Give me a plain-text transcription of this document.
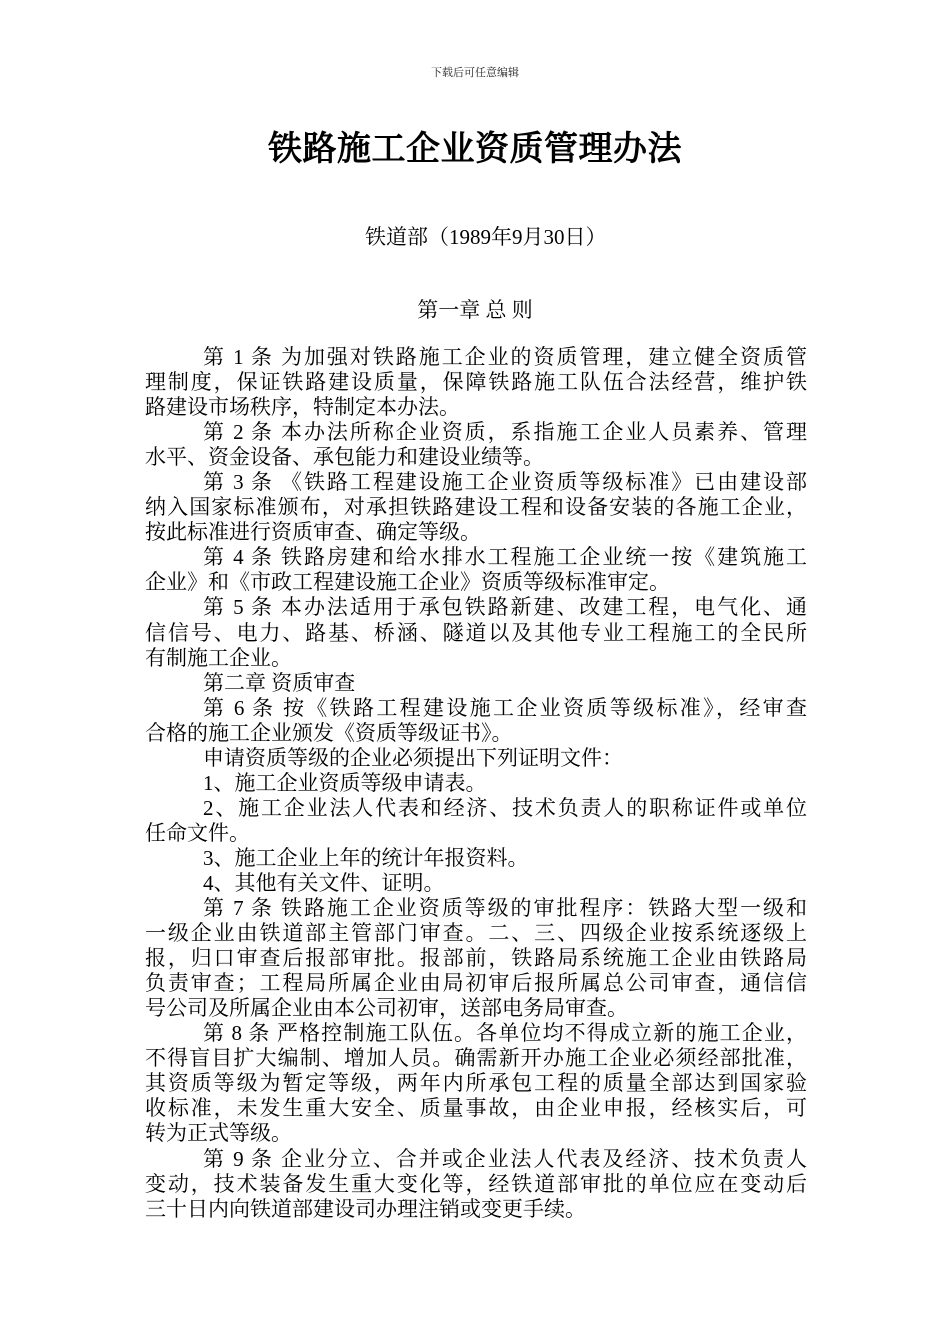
下载后可任意编辑
铁路施工企业资质管理办法
铁道部（1989年9月30日）
第一章 总 则
第 1 条 为加强对铁路施工企业的资质管理，建立健全资质管
理制度，保证铁路建设质量，保障铁路施工队伍合法经营，维护铁
路建设市场秩序，特制定本办法。
第 2 条 本办法所称企业资质，系指施工企业人员素养、管理
水平、资金设备、承包能力和建设业绩等。
第 3 条 《铁路工程建设施工企业资质等级标准》已由建设部
纳入国家标准颁布，对承担铁路建设工程和设备安装的各施工企业，
按此标准进行资质审查、确定等级。
第 4 条 铁路房建和给水排水工程施工企业统一按《建筑施工
企业》和《市政工程建设施工企业》资质等级标准审定。
第 5 条 本办法适用于承包铁路新建、改建工程，电气化、通
信信号、电力、路基、桥涵、隧道以及其他专业工程施工的全民所
有制施工企业。
第二章 资质审查
第 6 条 按《铁路工程建设施工企业资质等级标准》，经审查
合格的施工企业颁发《资质等级证书》。
申请资质等级的企业必须提出下列证明文件：
1、施工企业资质等级申请表。
2、施工企业法人代表和经济、技术负责人的职称证件或单位
任命文件。
3、施工企业上年的统计年报资料。
4、其他有关文件、证明。
第 7 条 铁路施工企业资质等级的审批程序：铁路大型一级和
一级企业由铁道部主管部门审查。二、三、四级企业按系统逐级上
报，归口审查后报部审批。报部前，铁路局系统施工企业由铁路局
负责审查；工程局所属企业由局初审后报所属总公司审查，通信信
号公司及所属企业由本公司初审，送部电务局审查。
第 8 条 严格控制施工队伍。各单位均不得成立新的施工企业，
不得盲目扩大编制、增加人员。确需新开办施工企业必须经部批准，
其资质等级为暂定等级，两年内所承包工程的质量全部达到国家验
收标准，未发生重大安全、质量事故，由企业申报，经核实后，可
转为正式等级。
第 9 条 企业分立、合并或企业法人代表及经济、技术负责人
变动，技术装备发生重大变化等，经铁道部审批的单位应在变动后
三十日内向铁道部建设司办理注销或变更手续。
